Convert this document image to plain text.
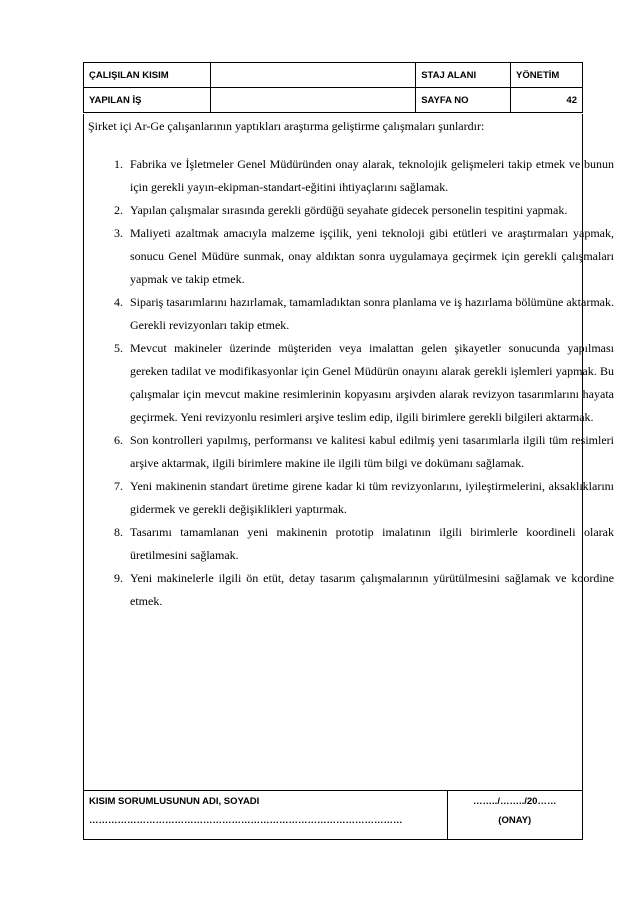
ÇALIŞILAN KISIM		STAJ ALANI	YÖNETİM
YAPILAN İŞ		SAYFA NO	42
Şirket içi Ar-Ge çalışanlarının yaptıkları araştırma geliştirme çalışmaları şunlardır:
1. Fabrika ve İşletmeler Genel Müdüründen onay alarak, teknolojik gelişmeleri takip etmek ve bunun için gerekli yayın-ekipman-standart-eğitini ihtiyaçlarını sağlamak.
2. Yapılan çalışmalar sırasında gerekli gördüğü seyahate gidecek personelin tespitini yapmak.
3. Maliyeti azaltmak amacıyla malzeme işçilik, yeni teknoloji gibi etütleri ve araştırmaları yapmak, sonucu Genel Müdüre sunmak, onay aldıktan sonra uygulamaya geçirmek için gerekli çalışmaları yapmak ve takip etmek.
4. Sipariş tasarımlarını hazırlamak, tamamladıktan sonra planlama ve iş hazırlama bölümüne aktarmak. Gerekli revizyonları takip etmek.
5. Mevcut makineler üzerinde müşteriden veya imalattan gelen şikayetler sonucunda yapılması gereken tadilat ve modifikasyonlar için Genel Müdürün onayını alarak gerekli işlemleri yapmak. Bu çalışmalar için mevcut makine resimlerinin kopyasını arşivden alarak revizyon tasarımlarını hayata geçirmek. Yeni revizyonlu resimleri arşive teslim edip, ilgili birimlere gerekli bilgileri aktarmak.
6. Son kontrolleri yapılmış, performansı ve kalitesi kabul edilmiş yeni tasarımlarla ilgili tüm resimleri arşive aktarmak, ilgili birimlere makine ile ilgili tüm bilgi ve dokümanı sağlamak.
7. Yeni makinenin standart üretime girene kadar ki tüm revizyonlarını, iyileştirmelerini, aksaklıklarını gidermek ve gerekli değişiklikleri yaptırmak.
8. Tasarımı tamamlanan yeni makinenin prototip imalatının ilgili birimlerle koordineli olarak üretilmesini sağlamak.
9. Yeni makinelerle ilgili ön etüt, detay tasarım çalışmalarının yürütülmesini sağlamak ve koordine etmek.
KISIM SORUMLUSUNUN ADI, SOYADI
………………………………………………………………………………………

……../……../20……
(ONAY)
